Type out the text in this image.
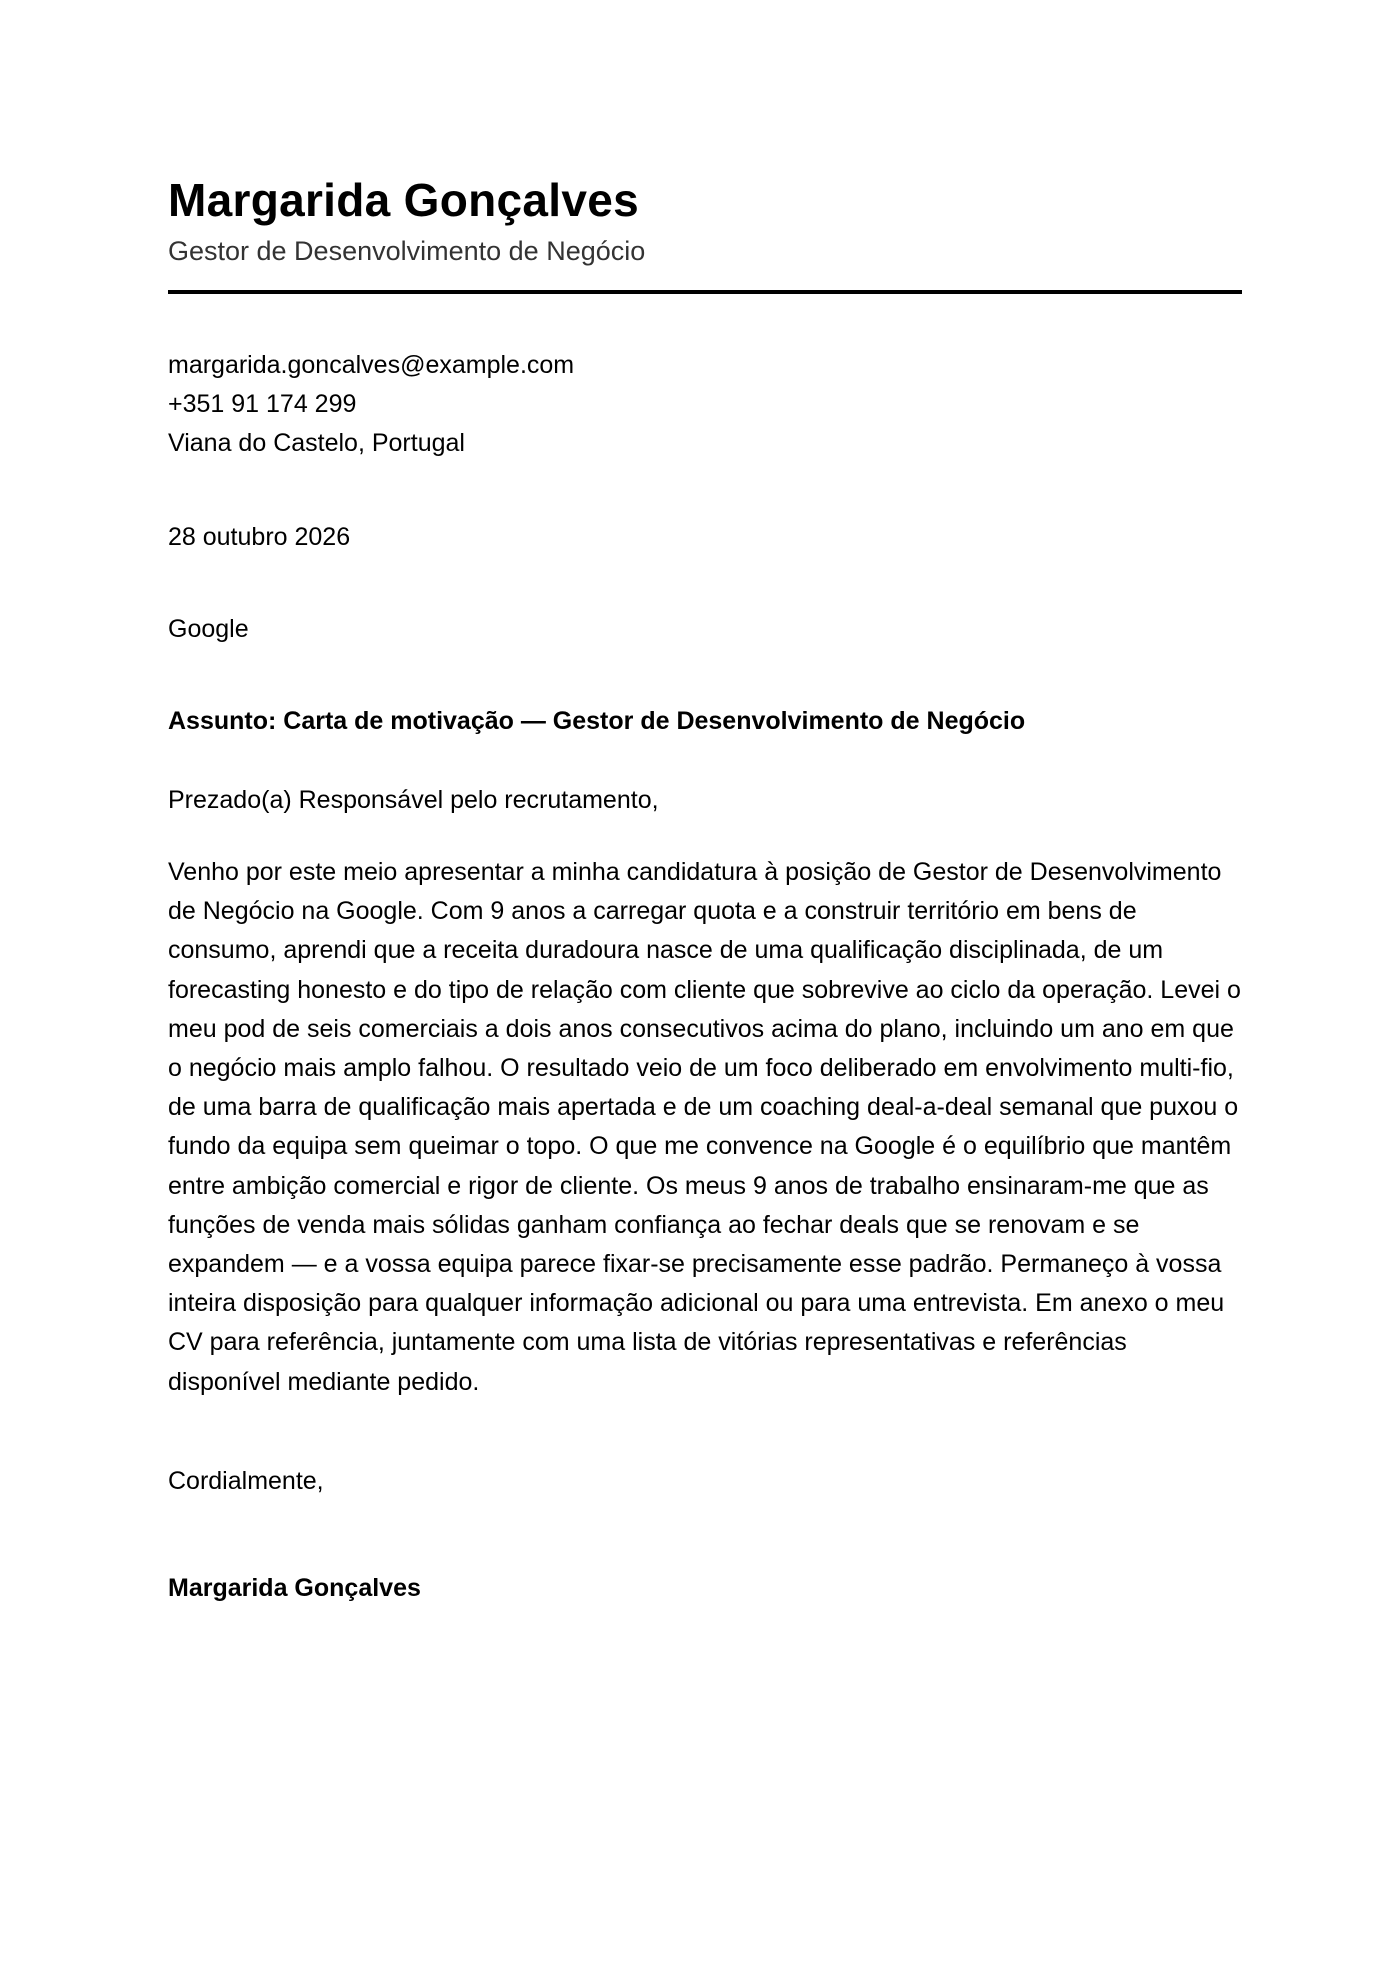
Margarida Gonçalves
Gestor de Desenvolvimento de Negócio
margarida.goncalves@example.com
+351 91 174 299
Viana do Castelo, Portugal
28 outubro 2026
Google
Assunto: Carta de motivação — Gestor de Desenvolvimento de Negócio
Prezado(a) Responsável pelo recrutamento,
Venho por este meio apresentar a minha candidatura à posição de Gestor de Desenvolvimento de Negócio na Google. Com 9 anos a carregar quota e a construir território em bens de consumo, aprendi que a receita duradoura nasce de uma qualificação disciplinada, de um forecasting honesto e do tipo de relação com cliente que sobrevive ao ciclo da operação. Levei o meu pod de seis comerciais a dois anos consecutivos acima do plano, incluindo um ano em que o negócio mais amplo falhou. O resultado veio de um foco deliberado em envolvimento multi-fio, de uma barra de qualificação mais apertada e de um coaching deal-a-deal semanal que puxou o fundo da equipa sem queimar o topo. O que me convence na Google é o equilíbrio que mantêm entre ambição comercial e rigor de cliente. Os meus 9 anos de trabalho ensinaram-me que as funções de venda mais sólidas ganham confiança ao fechar deals que se renovam e se expandem — e a vossa equipa parece fixar-se precisamente esse padrão. Permaneço à vossa inteira disposição para qualquer informação adicional ou para uma entrevista. Em anexo o meu CV para referência, juntamente com uma lista de vitórias representativas e referências disponível mediante pedido.
Cordialmente,
Margarida Gonçalves
